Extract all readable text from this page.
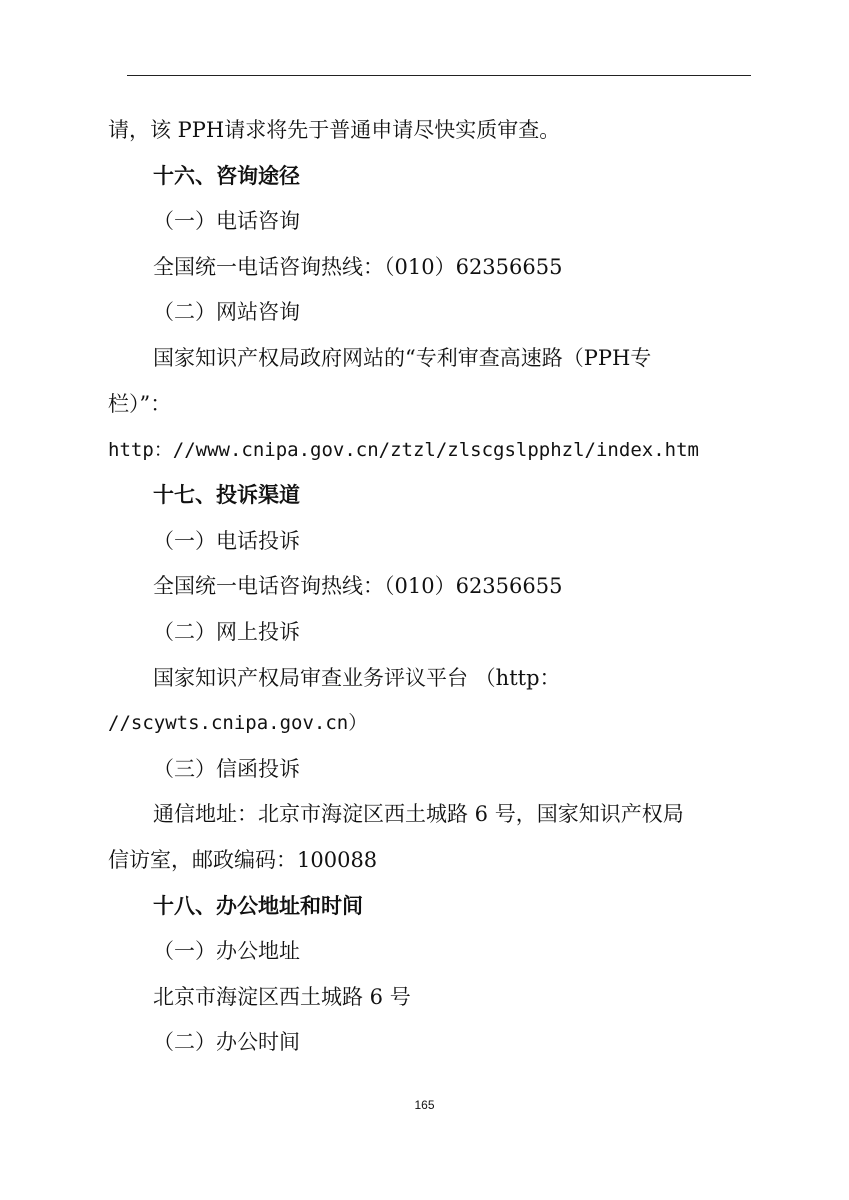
请，该 PPH请求将先于普通申请尽快实质审查。
十六、咨询途径
（一）电话咨询
全国统一电话咨询热线：（010）62356655
（二）网站咨询
国家知识产权局政府网站的“专利审查高速路（PPH专
栏）”：
http：//www.cnipa.gov.cn/ztzl/zlscgslpphzl/index.htm
十七、投诉渠道
（一）电话投诉
全国统一电话咨询热线：（010）62356655
（二）网上投诉
国家知识产权局审查业务评议平台 （http：
//scywts.cnipa.gov.cn）
（三）信函投诉
通信地址：北京市海淀区西土城路 6 号，国家知识产权局
信访室，邮政编码：100088
十八、办公地址和时间
（一）办公地址
北京市海淀区西土城路 6 号
（二）办公时间
165
